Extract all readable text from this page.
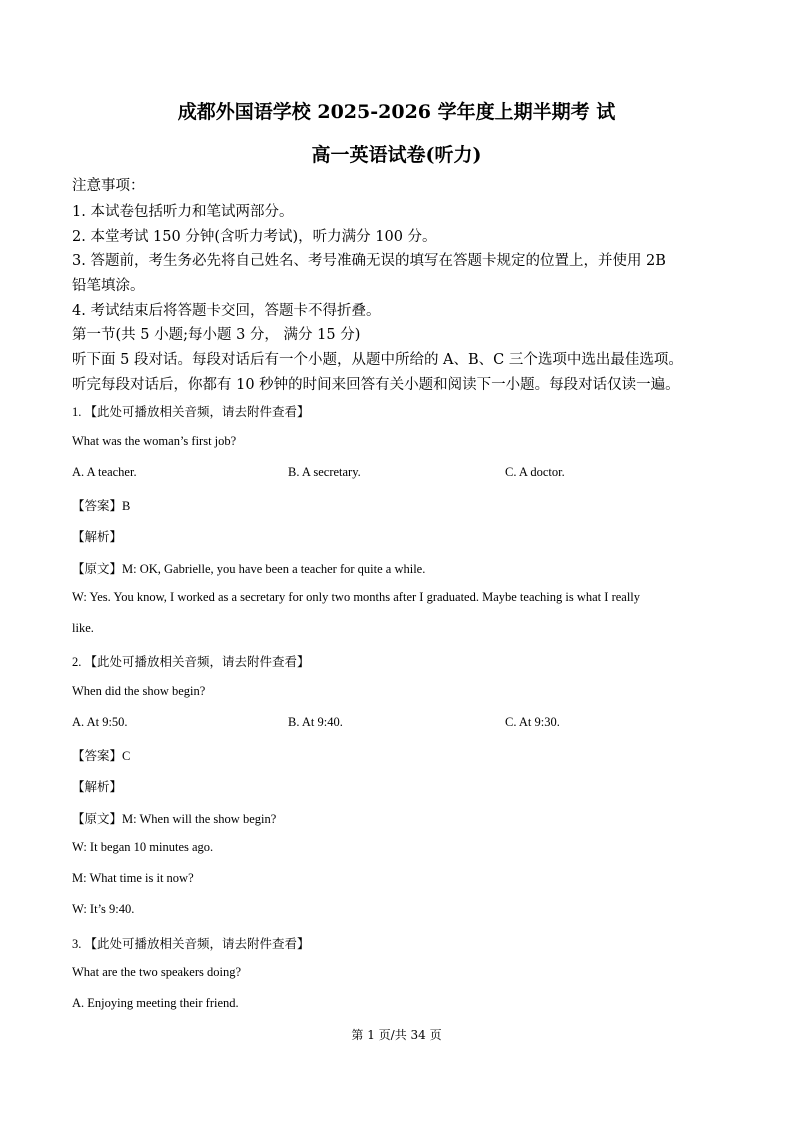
成都外国语学校 2025-2026 学年度上期半期考 试
高一英语试卷(听力)
注意事项：
1. 本试卷包括听力和笔试两部分。
2. 本堂考试 150 分钟(含听力考试)，听力满分 100 分。
3. 答题前，考生务必先将自己姓名、考号准确无误的填写在答题卡规定的位置上，并使用 2B
铅笔填涂。
4. 考试结束后将答题卡交回，答题卡不得折叠。
第一节(共 5 小题;每小题 3 分， 满分 15 分)
听下面 5 段对话。每段对话后有一个小题，从题中所给的 A、B、C 三个选项中选出最佳选项。
听完每段对话后，你都有 10 秒钟的时间来回答有关小题和阅读下一小题。每段对话仅读一遍。
1. 【此处可播放相关音频，请去附件查看】
What was the woman’s first job?
A. A teacher.	B. A secretary.	C. A doctor.
【答案】B
【解析】
【原文】M: OK, Gabrielle, you have been a teacher for quite a while.
W: Yes. You know, I worked as a secretary for only two months after I graduated. Maybe teaching is what I really
like.
2. 【此处可播放相关音频，请去附件查看】
When did the show begin?
A. At 9:50.	B. At 9:40.	C. At 9:30.
【答案】C
【解析】
【原文】M: When will the show begin?
W: It began 10 minutes ago.
M: What time is it now?
W: It’s 9:40.
3. 【此处可播放相关音频，请去附件查看】
What are the two speakers doing?
A. Enjoying meeting their friend.
第 1 页/共 34 页
